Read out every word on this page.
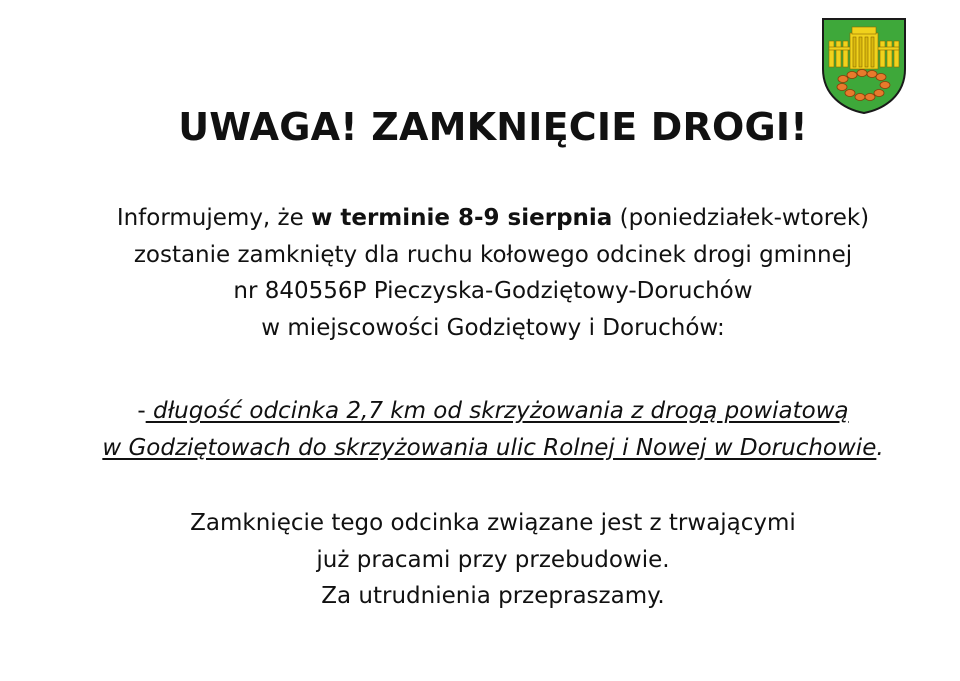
UWAGA! ZAMKNIĘCIE DROGI!

Informujemy, że w terminie 8-9 sierpnia (poniedziałek-wtorek)

zostanie zamknięty dla ruchu kołowego odcinek drogi gminnej

nr 840556P Pieczyska-Godziętowy-Doruchów

w miejscowości Godziętowy i Doruchów:

- długość odcinka 2,7 km od skrzyżowania z drogą powiatową

w Godziętowach do skrzyżowania ulic Rolnej i Nowej w Doruchowie.

Zamknięcie tego odcinka związane jest z trwającymi

już pracami przy przebudowie.

Za utrudnienia przepraszamy.
